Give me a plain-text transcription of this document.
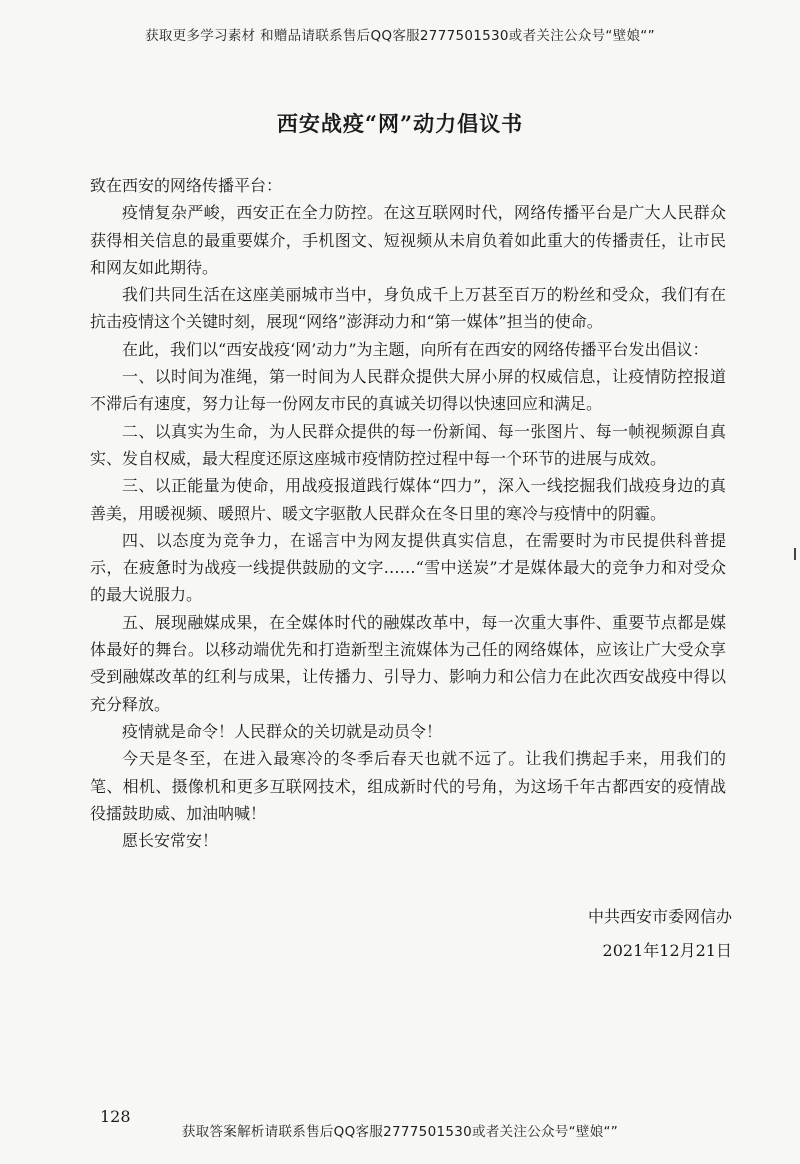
获取更多学习素材 和赠品请联系售后QQ客服2777501530或者关注公众号“壁娘“”
西安战疫“网”动力倡议书

致在西安的网络传播平台：

疫情复杂严峻，西安正在全力防控。在这互联网时代，网络传播平台是广大人民群众获得相关信息的最重要媒介，手机图文、短视频从未肩负着如此重大的传播责任，让市民和网友如此期待。

我们共同生活在这座美丽城市当中，身负成千上万甚至百万的粉丝和受众，我们有在抗击疫情这个关键时刻，展现“网络”澎湃动力和“第一媒体”担当的使命。

在此，我们以“西安战疫‘网’动力”为主题，向所有在西安的网络传播平台发出倡议：

一、以时间为准绳，第一时间为人民群众提供大屏小屏的权威信息，让疫情防控报道不滞后有速度，努力让每一份网友市民的真诚关切得以快速回应和满足。

二、以真实为生命，为人民群众提供的每一份新闻、每一张图片、每一帧视频源自真实、发自权威，最大程度还原这座城市疫情防控过程中每一个环节的进展与成效。

三、以正能量为使命，用战疫报道践行媒体“四力”，深入一线挖掘我们战疫身边的真善美，用暖视频、暖照片、暖文字驱散人民群众在冬日里的寒冷与疫情中的阴霾。

四、以态度为竞争力，在谣言中为网友提供真实信息，在需要时为市民提供科普提示，在疲惫时为战疫一线提供鼓励的文字……“雪中送炭”才是媒体最大的竞争力和对受众的最大说服力。

五、展现融媒成果，在全媒体时代的融媒改革中，每一次重大事件、重要节点都是媒体最好的舞台。以移动端优先和打造新型主流媒体为己任的网络媒体，应该让广大受众享受到融媒改革的红利与成果，让传播力、引导力、影响力和公信力在此次西安战疫中得以充分释放。

疫情就是命令！人民群众的关切就是动员令！

今天是冬至，在进入最寒冷的冬季后春天也就不远了。让我们携起手来，用我们的笔、相机、摄像机和更多互联网技术，组成新时代的号角，为这场千年古都西安的疫情战役擂鼓助威、加油呐喊！

愿长安常安！

中共西安市委网信办
2021年12月21日
128
获取答案解析请联系售后QQ客服2777501530或者关注公众号“壁娘“”
